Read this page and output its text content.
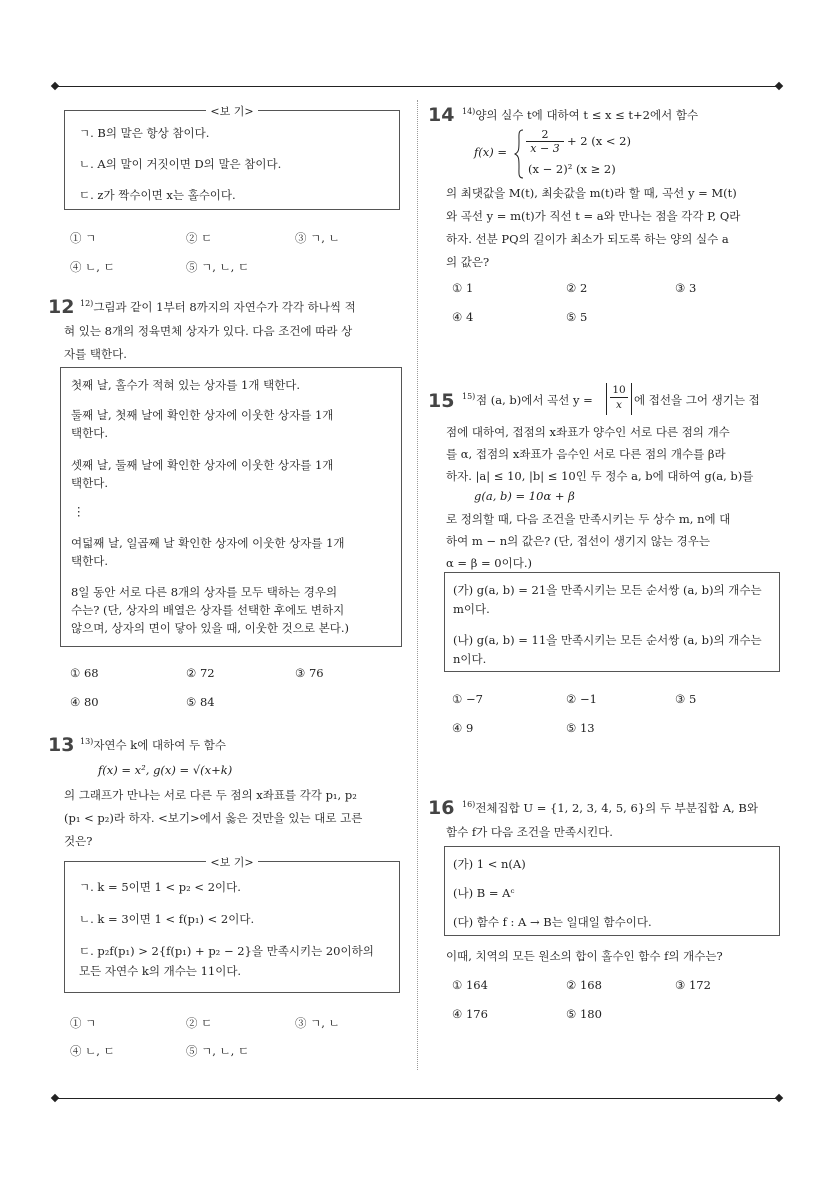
<보 기>
ㄱ. B의 말은 항상 참이다.
ㄴ. A의 말이 거짓이면 D의 말은 참이다.
ㄷ. z가 짝수이면 x는 홀수이다.
① ㄱ	② ㄷ	③ ㄱ, ㄴ
④ ㄴ, ㄷ	⑤ ㄱ, ㄴ, ㄷ
12 $^{12)}$그림과 같이 1부터 8까지의 자연수가 각각 하나씩 적
혀 있는 8개의 정육면체 상자가 있다. 다음 조건에 따라 상
자를 택한다.
첫째 날, 홀수가 적혀 있는 상자를 1개 택한다.
둘째 날, 첫째 날에 확인한 상자에 이웃한 상자를 1개
택한다.
셋째 날, 둘째 날에 확인한 상자에 이웃한 상자를 1개
택한다.
⋮
여덟째 날, 일곱째 날 확인한 상자에 이웃한 상자를 1개
택한다.
8일 동안 서로 다른 8개의 상자를 모두 택하는 경우의
수는? (단, 상자의 배열은 상자를 선택한 후에도 변하지
않으며, 상자의 면이 닿아 있을 때, 이웃한 것으로 본다.)
① 68	② 72	③ 76
④ 80	⑤ 84
13 $^{13)}$자연수 k에 대하여 두 함수
f(x) = x², g(x) = √(x+k)
의 그래프가 만나는 서로 다른 두 점의 x좌표를 각각 p₁, p₂
(p₁ < p₂)라 하자. <보기>에서 옳은 것만을 있는 대로 고른
것은?
<보 기>
ㄱ. k = 5이면 1 < p₂ < 2이다.
ㄴ. k = 3이면 1 < f(p₁) < 2이다.
ㄷ. p₂f(p₁) > 2{f(p₁) + p₂ − 2}을 만족시키는 20이하의
모든 자연수 k의 개수는 11이다.
① ㄱ	② ㄷ	③ ㄱ, ㄴ
④ ㄴ, ㄷ	⑤ ㄱ, ㄴ, ㄷ
14 $^{14)}$양의 실수 t에 대하여 t ≤ x ≤ t+2에서 함수
$f(x) = \frac{2}{x - 3} + 2$ (x < 2)
(x − 2)² (x ≥ 2)
의 최댓값을 M(t), 최솟값을 m(t)라 할 때, 곡선 y = M(t)
와 곡선 y = m(t)가 직선 t = a와 만나는 점을 각각 P, Q라
하자. 선분 PQ의 길이가 최소가 되도록 하는 양의 실수 a
의 값은?
① 1	② 2	③ 3
④ 4	⑤ 5
15 15) 점 (a, b)에서 곡선 $y = \frac{10}{x}$ 에 접선을 그어 생기는 접
점에 대하여, 접점의 x좌표가 양수인 서로 다른 점의 개수
를 α, 접점의 x좌표가 음수인 서로 다른 점의 개수를 β라
하자. |a| ≤ 10, |b| ≤ 10인 두 정수 a, b에 대하여 g(a, b)를
g(a, b) = 10α + β
로 정의할 때, 다음 조건을 만족시키는 두 상수 m, n에 대
하여 m − n의 값은? (단, 접선이 생기지 않는 경우는
α = β = 0이다.)
(가) g(a, b) = 21을 만족시키는 모든 순서쌍 (a, b)의 개수는
m이다.
(나) g(a, b) = 11을 만족시키는 모든 순서쌍 (a, b)의 개수는
n이다.
① −7	② −1	③ 5
④ 9	⑤ 13
16 $^{16)}$전체집합 U = {1, 2, 3, 4, 5, 6}의 두 부분집합 A, B와
함수 f가 다음 조건을 만족시킨다.
(가) 1 < n(A)
(나) B = Aᶜ
(다) 함수 f : A → B는 일대일 함수이다.
이때, 치역의 모든 원소의 합이 홀수인 함수 f의 개수는?
① 164	② 168	③ 172
④ 176	⑤ 180
